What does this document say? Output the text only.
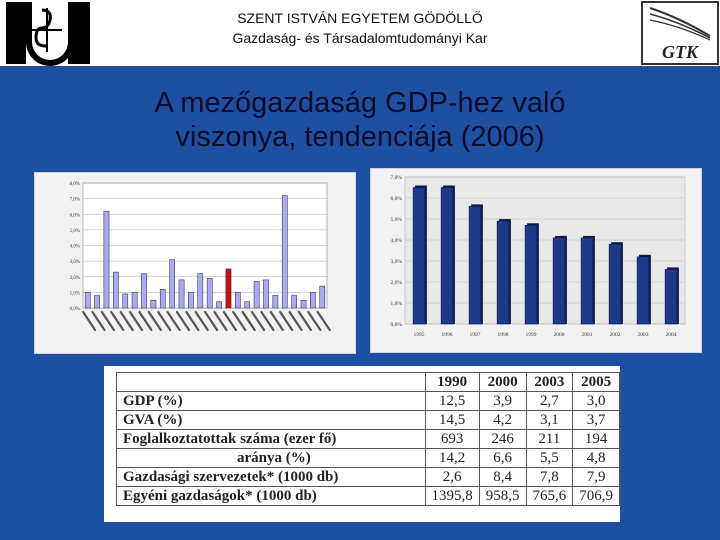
SZENT ISTVÁN EGYETEM GÖDÖLLŐ
Gazdaság- és Társadalomtudományi Kar
GTK
A mezőgazdaság GDP-hez való
viszonya, tendenciája (2006)
0,0%
1,0%
2,0%
3,0%
4,0%
5,0%
6,0%
7,0%
8,0%
0,0%
1,0%
2,0%
3,0%
4,0%
5,0%
6,0%
7,0%
1995	1996	1997	1998	1999	2000	2001	2002	2003	2004
	1990	2000	2003	2005
GDP (%)	12,5	3,9	2,7	3,0
GVA (%)	14,5	4,2	3,1	3,7
Foglalkoztatottak száma (ezer fő)	693	246	211	194
aránya (%)	14,2	6,6	5,5	4,8
Gazdasági szervezetek* (1000 db)	2,6	8,4	7,8	7,9
Egyéni gazdaságok* (1000 db)	1395,8	958,5	765,6	706,9
